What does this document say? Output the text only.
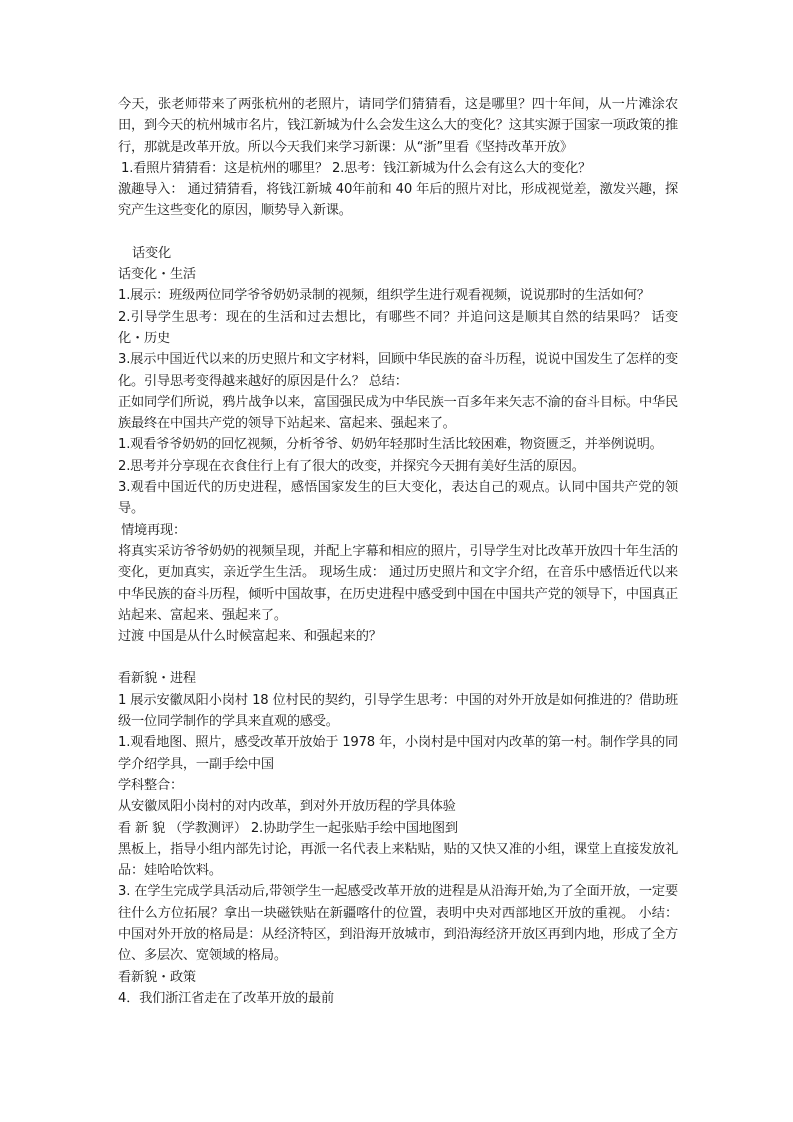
今天，张老师带来了两张杭州的老照片，请同学们猜猜看，这是哪里？四十年间，从一片滩涂农田，到今天的杭州城市名片，钱江新城为什么会发生这么大的变化？这其实源于国家一项政策的推行，那就是改革开放。所以今天我们来学习新课：从“浙”里看《坚持改革开放》

1.看照片猜猜看：这是杭州的哪里？ 2.思考：钱江新城为什么会有这么大的变化？

激趣导入： 通过猜猜看，将钱江新城 40年前和 40 年后的照片对比，形成视觉差，激发兴趣，探究产生这些变化的原因，顺势导入新课。

话变化

话变化・生活

1.展示：班级两位同学爷爷奶奶录制的视频，组织学生进行观看视频，说说那时的生活如何？

2.引导学生思考：现在的生活和过去想比，有哪些不同？并追问这是顺其自然的结果吗？ 话变化・历史

3.展示中国近代以来的历史照片和文字材料，回顾中华民族的奋斗历程，说说中国发生了怎样的变化。引导思考变得越来越好的原因是什么？ 总结：

正如同学们所说，鸦片战争以来，富国强民成为中华民族一百多年来矢志不渝的奋斗目标。中华民族最终在中国共产党的领导下站起来、富起来、强起来了。

1.观看爷爷奶奶的回忆视频，分析爷爷、奶奶年轻那时生活比较困难，物资匮乏，并举例说明。

2.思考并分享现在衣食住行上有了很大的改变，并探究今天拥有美好生活的原因。

3.观看中国近代的历史进程，感悟国家发生的巨大变化，表达自己的观点。认同中国共产党的领导。

情境再现：

将真实采访爷爷奶奶的视频呈现，并配上字幕和相应的照片，引导学生对比改革开放四十年生活的变化，更加真实，亲近学生生活。 现场生成： 通过历史照片和文字介绍，在音乐中感悟近代以来中华民族的奋斗历程，倾听中国故事，在历史进程中感受到中国在中国共产党的领导下，中国真正站起来、富起来、强起来了。

过渡 中国是从什么时候富起来、和强起来的？

看新貌・进程

1 展示安徽凤阳小岗村 18 位村民的契约，引导学生思考：中国的对外开放是如何推进的？借助班级一位同学制作的学具来直观的感受。

1.观看地图、照片，感受改革开放始于 1978 年，小岗村是中国对内改革的第一村。制作学具的同学介绍学具，一副手绘中国

学科整合：

从安徽凤阳小岗村的对内改革，到对外开放历程的学具体验

看 新 貌 （学教测评） 2.协助学生一起张贴手绘中国地图到

黑板上，指导小组内部先讨论，再派一名代表上来粘贴，贴的又快又准的小组，课堂上直接发放礼品：娃哈哈饮料。

3. 在学生完成学具活动后,带领学生一起感受改革开放的进程是从沿海开始,为了全面开放，一定要往什么方位拓展？拿出一块磁铁贴在新疆喀什的位置，表明中央对西部地区开放的重视。 小结：中国对外开放的格局是：从经济特区，到沿海开放城市，到沿海经济开放区再到内地，形成了全方位、多层次、宽领域的格局。

看新貌・政策

4．我们浙江省走在了改革开放的最前
